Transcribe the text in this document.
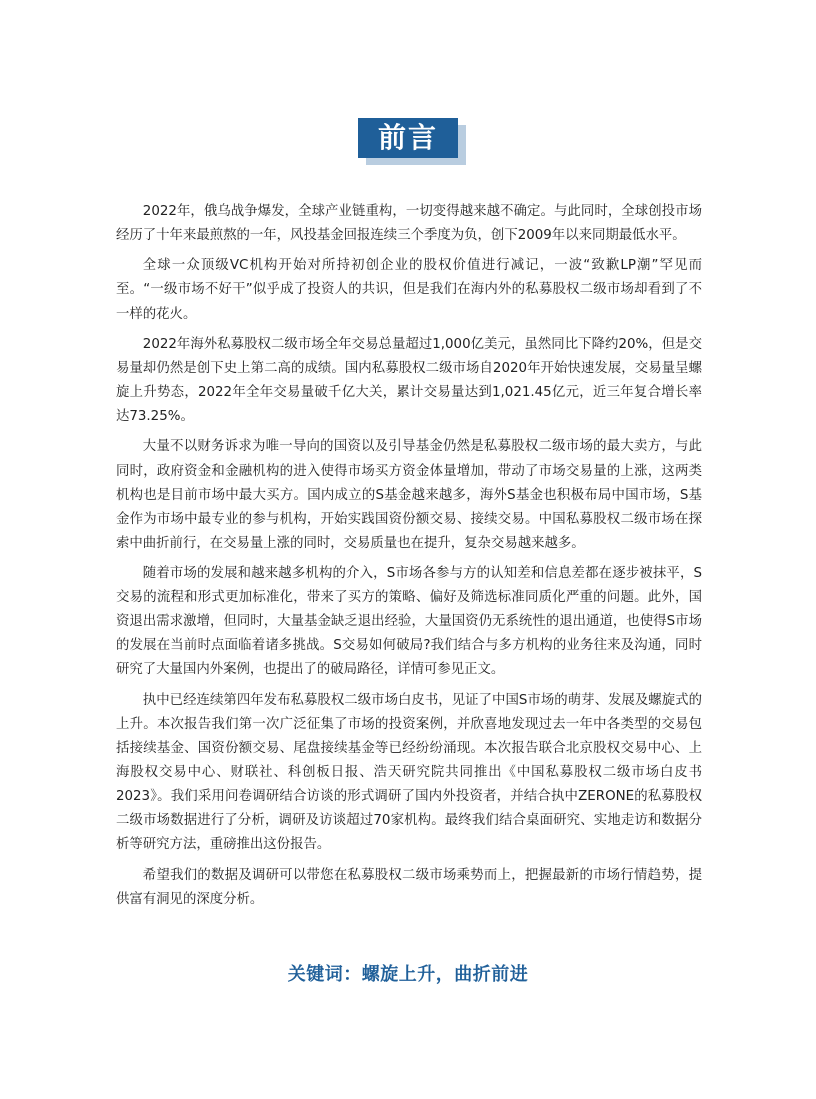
前言

2022年，俄乌战争爆发，全球产业链重构，一切变得越来越不确定。与此同时，全球创投市场经历了十年来最煎熬的一年，风投基金回报连续三个季度为负，创下2009年以来同期最低水平。

全球一众顶级VC机构开始对所持初创企业的股权价值进行减记，一波“致歉LP潮”罕见而至。“一级市场不好干”似乎成了投资人的共识，但是我们在海内外的私募股权二级市场却看到了不一样的花火。

2022年海外私募股权二级市场全年交易总量超过1,000亿美元，虽然同比下降约20%，但是交易量却仍然是创下史上第二高的成绩。国内私募股权二级市场自2020年开始快速发展，交易量呈螺旋上升势态，2022年全年交易量破千亿大关，累计交易量达到1,021.45亿元，近三年复合增长率达73.25%。

大量不以财务诉求为唯一导向的国资以及引导基金仍然是私募股权二级市场的最大卖方，与此同时，政府资金和金融机构的进入使得市场买方资金体量增加，带动了市场交易量的上涨，这两类机构也是目前市场中最大买方。国内成立的S基金越来越多，海外S基金也积极布局中国市场，S基金作为市场中最专业的参与机构，开始实践国资份额交易、接续交易。中国私募股权二级市场在探索中曲折前行，在交易量上涨的同时，交易质量也在提升，复杂交易越来越多。

随着市场的发展和越来越多机构的介入，S市场各参与方的认知差和信息差都在逐步被抹平，S交易的流程和形式更加标准化，带来了买方的策略、偏好及筛选标准同质化严重的问题。此外，国资退出需求激增，但同时，大量基金缺乏退出经验，大量国资仍无系统性的退出通道，也使得S市场的发展在当前时点面临着诸多挑战。S交易如何破局?我们结合与多方机构的业务往来及沟通，同时研究了大量国内外案例，也提出了的破局路径，详情可参见正文。

执中已经连续第四年发布私募股权二级市场白皮书，见证了中国S市场的萌芽、发展及螺旋式的上升。本次报告我们第一次广泛征集了市场的投资案例，并欣喜地发现过去一年中各类型的交易包括接续基金、国资份额交易、尾盘接续基金等已经纷纷涌现。本次报告联合北京股权交易中心、上海股权交易中心、财联社、科创板日报、浩天研究院共同推出《中国私募股权二级市场白皮书 2023》。我们采用问卷调研结合访谈的形式调研了国内外投资者，并结合执中ZERONE的私募股权二级市场数据进行了分析，调研及访谈超过70家机构。最终我们结合桌面研究、实地走访和数据分析等研究方法，重磅推出这份报告。

希望我们的数据及调研可以带您在私募股权二级市场乘势而上，把握最新的市场行情趋势，提供富有洞见的深度分析。

关键词：螺旋上升，曲折前进
